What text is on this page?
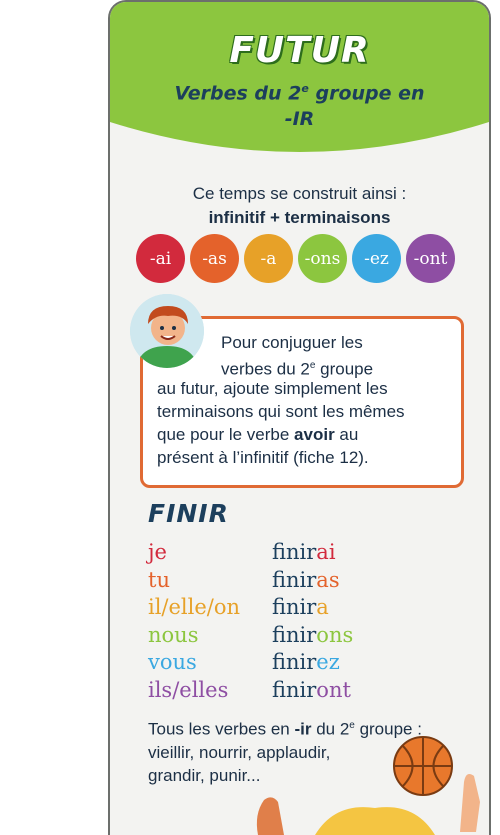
FUTUR
Verbes du 2e groupe en
-IR
Ce temps se construit ainsi :
infinitif + terminaisons
-ai	-as	-a	-ons	-ez	-ont
Pour conjuguer les
verbes du 2e groupe
au futur, ajoute simplement les
terminaisons qui sont les mêmes
que pour le verbe avoir au
présent à l’infinitif (fiche 12).
FINIR
je	finirai
tu	finiras
il/elle/on finira
nous	finirons
vous	finirez
ils/elles finiront
Tous les verbes en -ir du 2e groupe :
vieillir, nourrir, applaudir,
grandir, punir...
